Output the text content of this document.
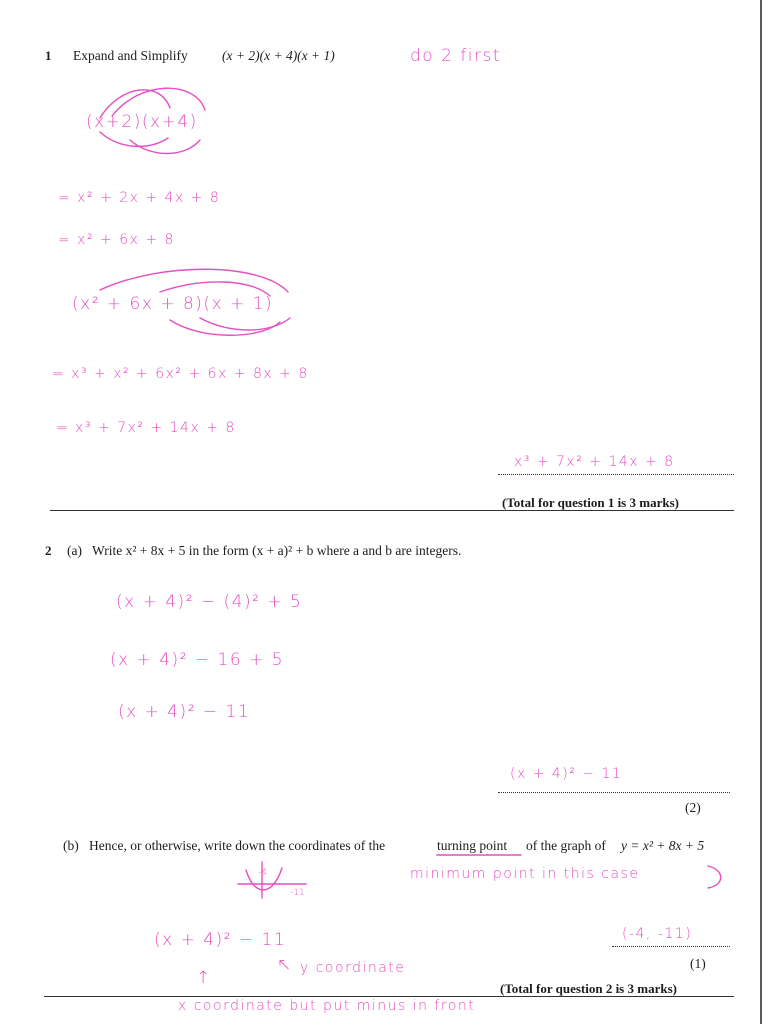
1 Expand and Simplify	(x + 2)(x + 4)(x + 1)	do 2 first
(x+2)(x+4)
= x² + 2x + 4x + 8
= x² + 6x + 8
(x² + 6x + 8)(x + 1)
= x³ + x² + 6x² + 6x + 8x + 8
= x³ + 7x² + 14x + 8
x³ + 7x² + 14x + 8
(Total for question 1 is 3 marks)
2 (a) Write x² + 8x + 5 in the form (x + a)² + b where a and b are integers.
(x + 4)² − (4)² + 5
(x + 4)² − 16 + 5
(x + 4)² − 11
(x + 4)² − 11
(2)
(b) Hence, or otherwise, write down the coordinates of the	turning point of the graph of y = x² + 8x + 5
-4
-11
minimum point in this case
(x + 4)² − 11
↑
↖ y coordinate
x coordinate but put minus in front
(-4, -11)
(1)
(Total for question 2 is 3 marks)
